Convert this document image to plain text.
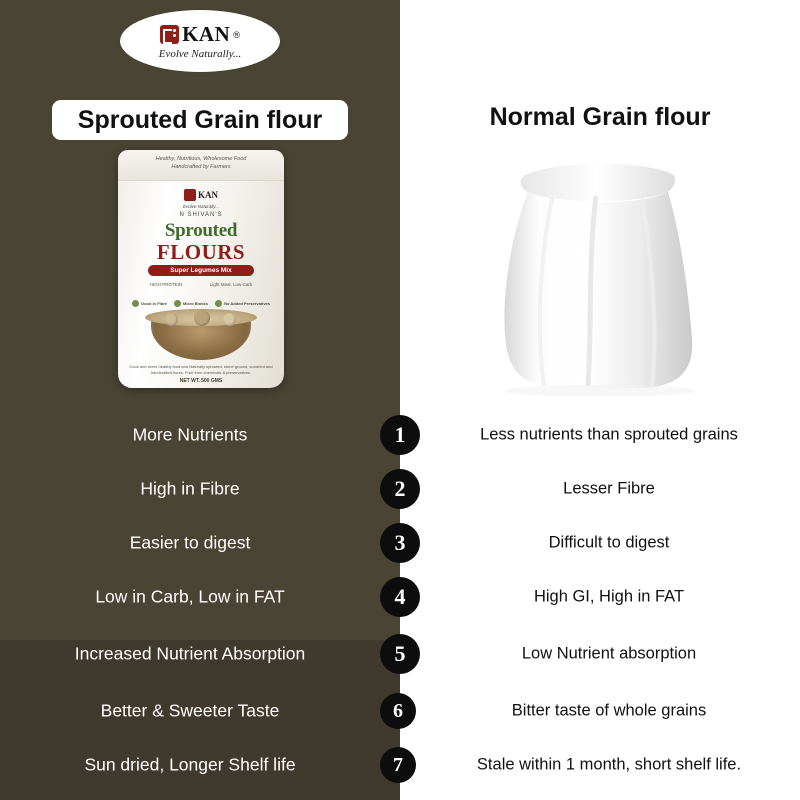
KAN ®
Evolve Naturally...
Sprouted Grain flour	Normal Grain flour
Healthy, Nutritious, Wholesome Food
Handcrafted by Farmers
KAN
Evolve Naturally...
N SHIVAN'S
Sprouted
FLOURS
Super Legumes Mix
HIGH PROTEIN	Light Meal, Low Carb
Good in Fibre	Micro Biotics	No Added Preservatives
Cook and serve healthy food and Naturally sprouted, stone ground, sundried and handcrafted flours. Free from chemicals & preservatives.
NET WT. 500 GMS
More Nutrients	1	Less nutrients than sprouted grains
High in Fibre	2	Lesser Fibre
Easier to digest	3	Difficult to digest
Low in Carb, Low in FAT	4	High GI, High in FAT
Increased Nutrient Absorption	5	Low Nutrient absorption
Better & Sweeter Taste	6	Bitter taste of whole grains
Sun dried, Longer Shelf life	7	Stale within 1 month, short shelf life.
